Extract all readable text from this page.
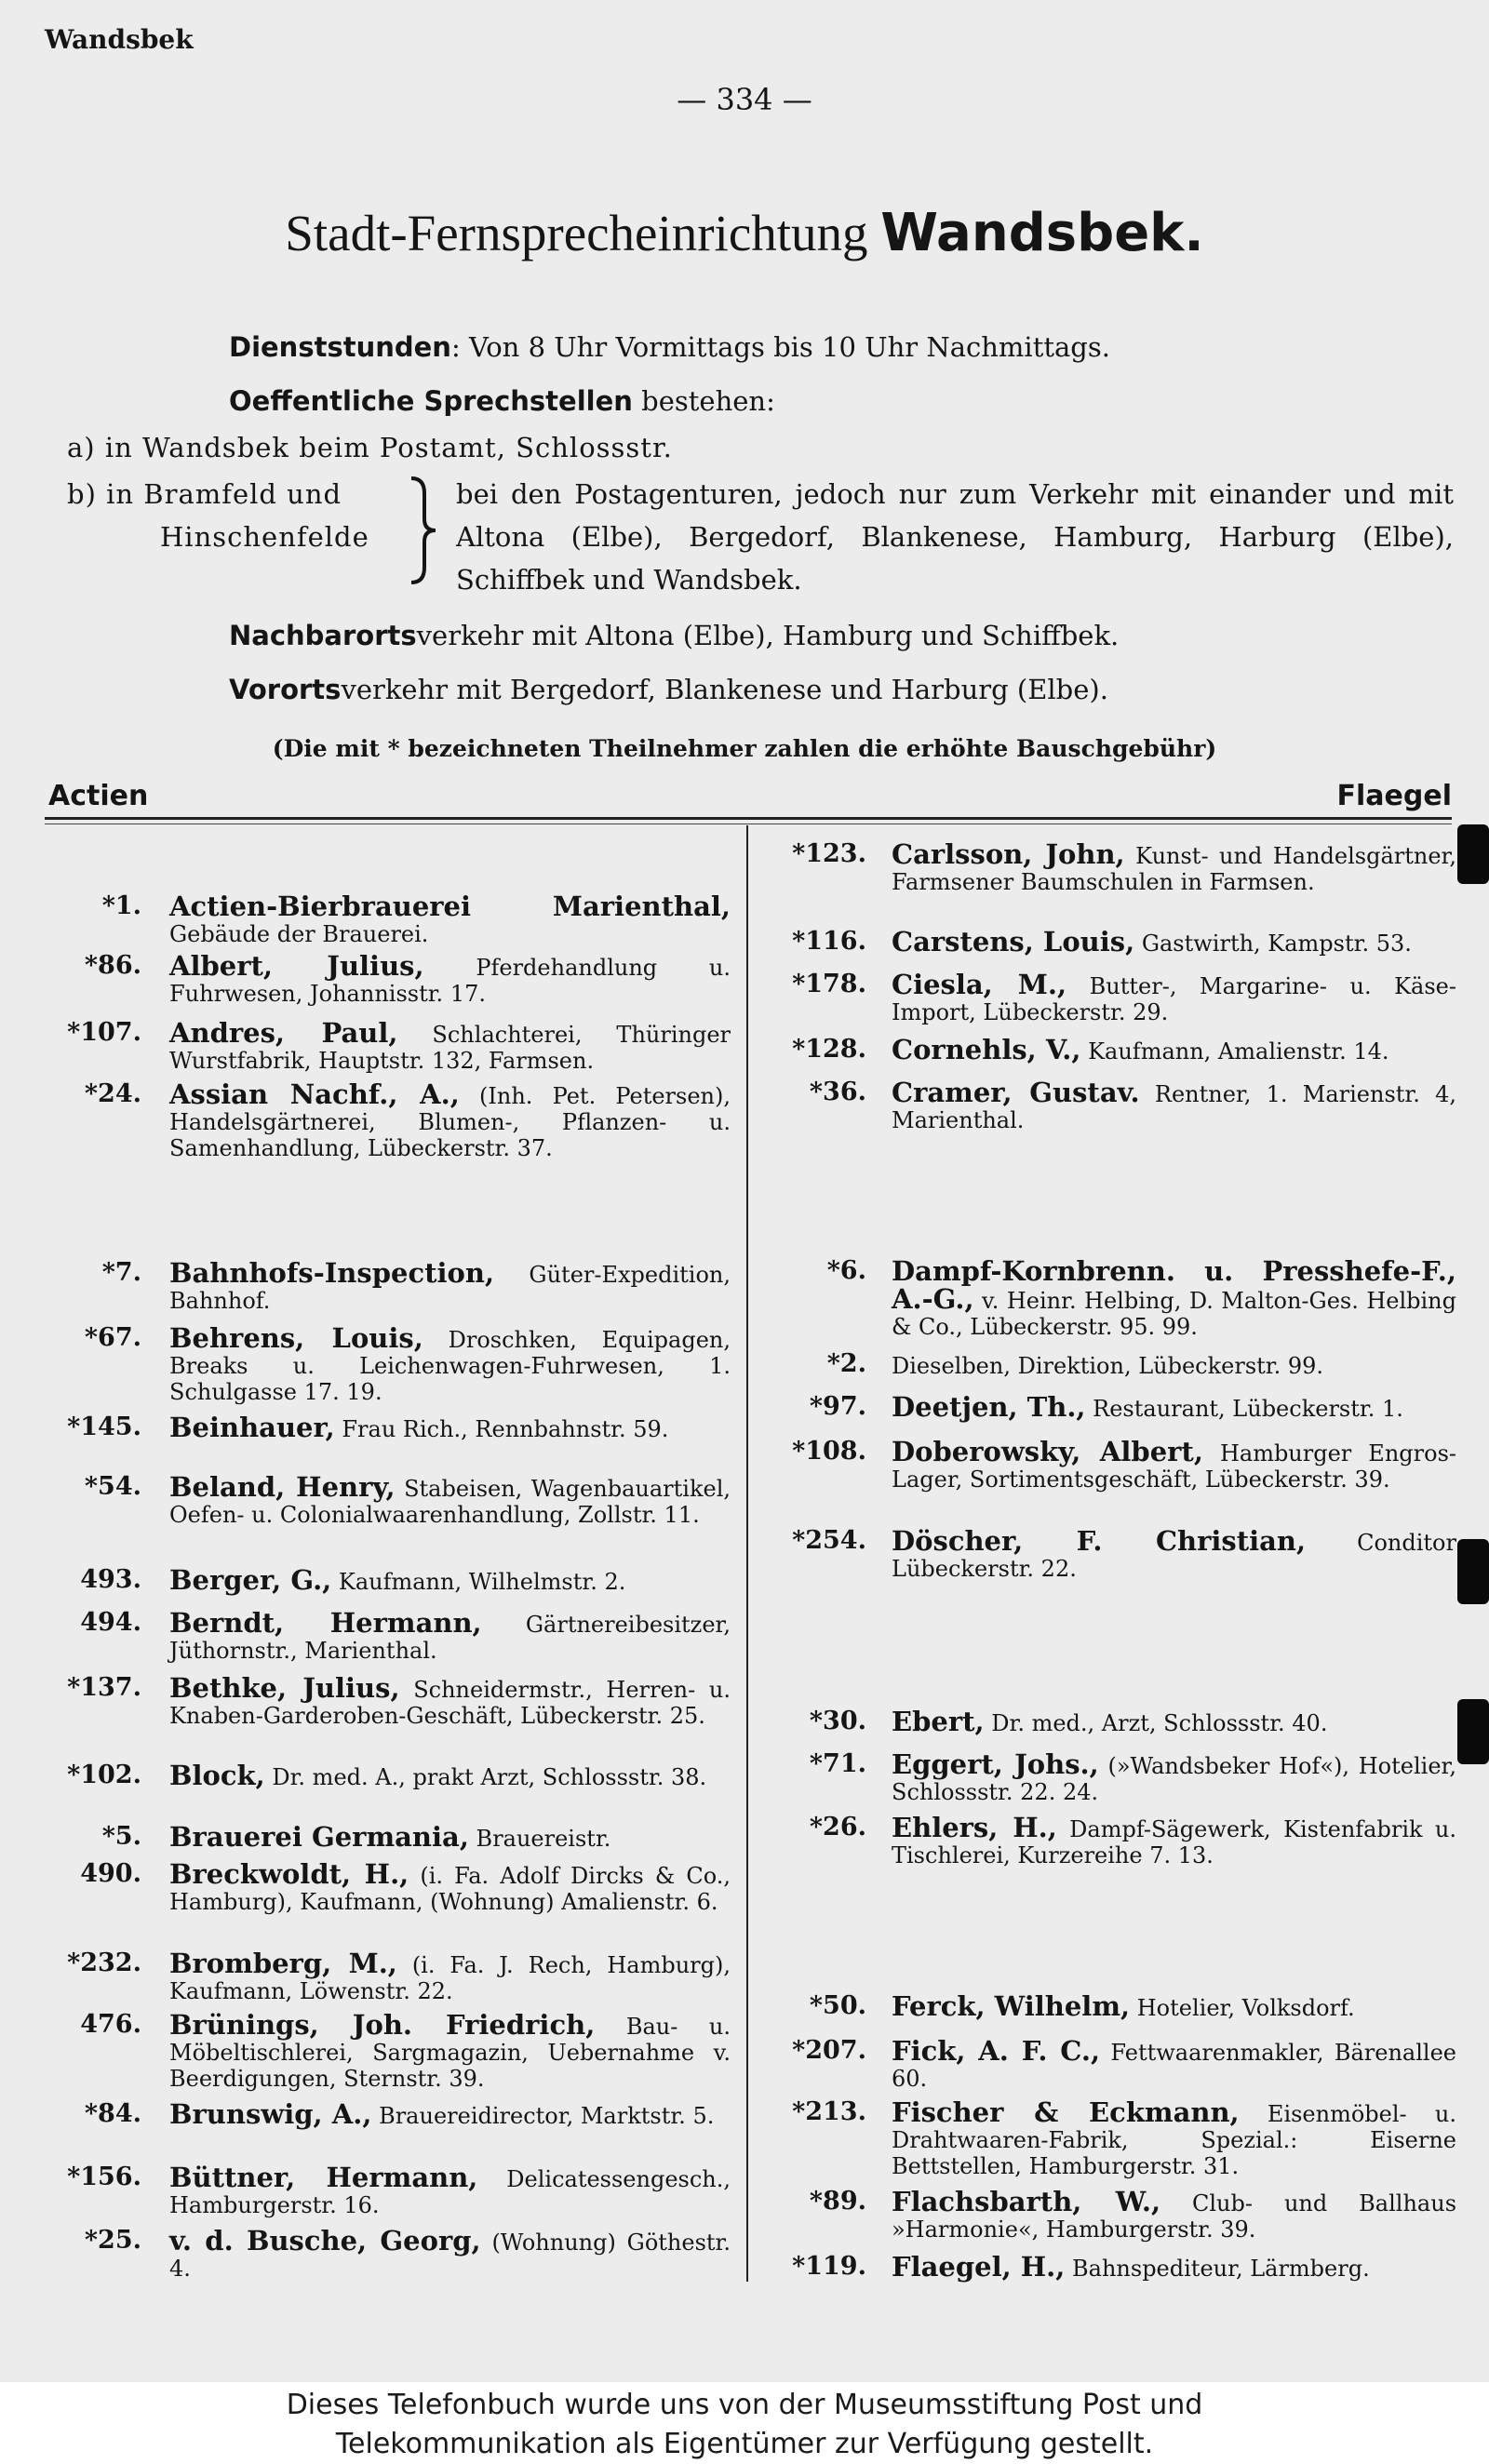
Wandsbek
— 334 —
Stadt-Fernsprecheinrichtung Wandsbek.
Dienststunden: Von 8 Uhr Vormittags bis 10 Uhr Nachmittags.
Oeffentliche Sprechstellen bestehen:
a) in Wandsbek beim Postamt, Schlossstr.
b) in Bramfeld und
Hinschenfelde
bei den Postagenturen, jedoch nur zum Verkehr mit einander und mit Altona (Elbe), Bergedorf, Blankenese, Hamburg, Harburg (Elbe), Schiffbek und Wandsbek.
Nachbarortsverkehr mit Altona (Elbe), Hamburg und Schiffbek.
Vorortsverkehr mit Bergedorf, Blankenese und Harburg (Elbe).
(Die mit * bezeichneten Theilnehmer zahlen die erhöhte Bauschgebühr)
Actien	Flaegel
*1. Actien-Bierbrauerei Marienthal, Gebäude der Brauerei.
*86. Albert, Julius, Pferdehandlung u. Fuhrwesen, Johannisstr. 17.
*107. Andres, Paul, Schlachterei, Thüringer Wurstfabrik, Hauptstr. 132, Farmsen.
*24. Assian Nachf., A., (Inh. Pet. Petersen), Handelsgärtnerei, Blumen-, Pflanzen- u. Samenhandlung, Lübeckerstr. 37.
*7. Bahnhofs-Inspection, Güter-Expedition, Bahnhof.
*67. Behrens, Louis, Droschken, Equipagen, Breaks u. Leichenwagen-Fuhrwesen, 1. Schulgasse 17. 19.
*145. Beinhauer, Frau Rich., Rennbahnstr. 59.
*54. Beland, Henry, Stabeisen, Wagenbauartikel, Oefen- u. Colonialwaarenhandlung, Zollstr. 11.
493. Berger, G., Kaufmann, Wilhelmstr. 2.
494. Berndt, Hermann, Gärtnereibesitzer, Jüthornstr., Marienthal.
*137. Bethke, Julius, Schneidermstr., Herren- u. Knaben-Garderoben-Geschäft, Lübeckerstr. 25.
*102. Block, Dr. med. A., prakt Arzt, Schlossstr. 38.
*5. Brauerei Germania, Brauereistr.
490. Breckwoldt, H., (i. Fa. Adolf Dircks & Co., Hamburg), Kaufmann, (Wohnung) Amalienstr. 6.
*232. Bromberg, M., (i. Fa. J. Rech, Hamburg), Kaufmann, Löwenstr. 22.
476. Brünings, Joh. Friedrich, Bau- u. Möbeltischlerei, Sargmagazin, Uebernahme v. Beerdigungen, Sternstr. 39.
*84. Brunswig, A., Brauereidirector, Marktstr. 5.
*156. Büttner, Hermann, Delicatessengesch., Hamburgerstr. 16.
*25. v. d. Busche, Georg, (Wohnung) Göthestr. 4.
*123. Carlsson, John, Kunst- und Handelsgärtner, Farmsener Baumschulen in Farmsen.
*116. Carstens, Louis, Gastwirth, Kampstr. 53.
*178. Ciesla, M., Butter-, Margarine- u. Käse-Import, Lübeckerstr. 29.
*128. Cornehls, V., Kaufmann, Amalienstr. 14.
*36. Cramer, Gustav. Rentner, 1. Marienstr. 4, Marienthal.
*6. Dampf-Kornbrenn. u. Presshefe-F., A.-G., v. Heinr. Helbing, D. Malton-Ges. Helbing & Co., Lübeckerstr. 95. 99.
*2. Dieselben, Direktion, Lübeckerstr. 99.
*97. Deetjen, Th., Restaurant, Lübeckerstr. 1.
*108. Doberowsky, Albert, Hamburger Engros-Lager, Sortimentsgeschäft, Lübeckerstr. 39.
*254. Döscher, F. Christian, Conditor Lübeckerstr. 22.
*30. Ebert, Dr. med., Arzt, Schlossstr. 40.
*71. Eggert, Johs., (»Wandsbeker Hof«), Hotelier, Schlossstr. 22. 24.
*26. Ehlers, H., Dampf-Sägewerk, Kistenfabrik u. Tischlerei, Kurzereihe 7. 13.
*50. Ferck, Wilhelm, Hotelier, Volksdorf.
*207. Fick, A. F. C., Fettwaarenmakler, Bärenallee 60.
*213. Fischer & Eckmann, Eisenmöbel- u. Drahtwaaren-Fabrik, Spezial.: Eiserne Bettstellen, Hamburgerstr. 31.
*89. Flachsbarth, W., Club- und Ballhaus »Harmonie«, Hamburgerstr. 39.
*119. Flaegel, H., Bahnspediteur, Lärmberg.
Dieses Telefonbuch wurde uns von der Museumsstiftung Post und
Telekommunikation als Eigentümer zur Verfügung gestellt.
